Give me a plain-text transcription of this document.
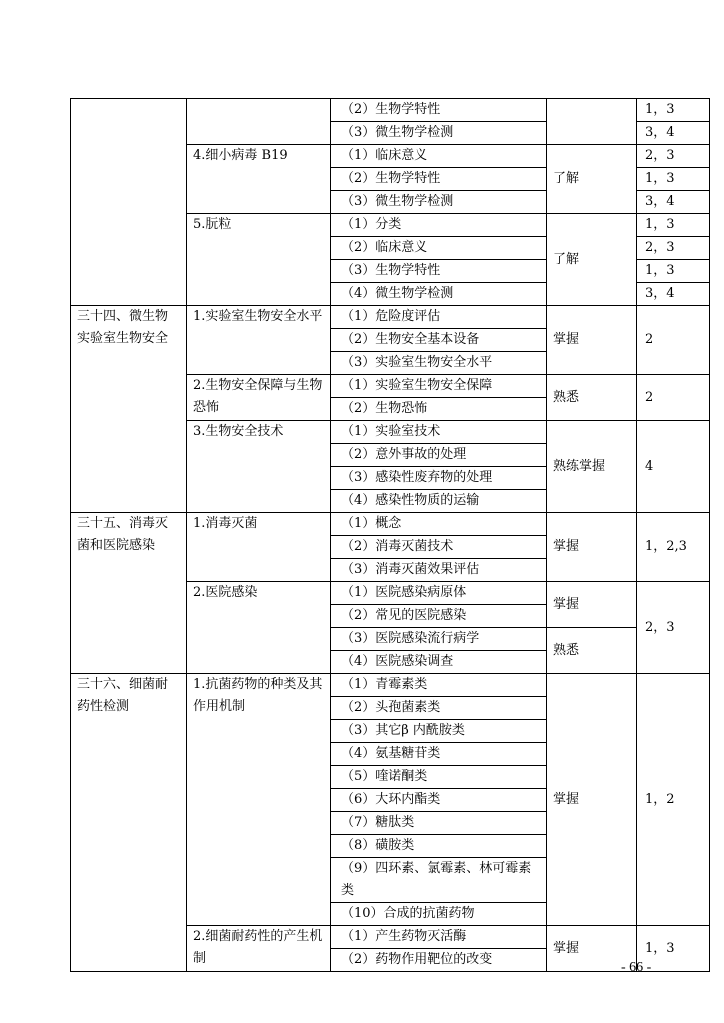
		（2）生物学特性		1，3
		（3）微生物学检测		3，4
	4.细小病毒 B19	（1）临床意义	了解	2，3
		（2）生物学特性		1，3
		（3）微生物学检测		3，4
	5.朊粒	（1）分类	了解	1，3
		（2）临床意义		2，3
		（3）生物学特性		1，3
		（4）微生物学检测		3，4
三十四、微生物实验室生物安全	1.实验室生物安全水平	（1）危险度评估	掌握	2
		（2）生物安全基本设备		
		（3）实验室生物安全水平		
	2.生物安全保障与生物恐怖	（1）实验室生物安全保障	熟悉	2
		（2）生物恐怖		
	3.生物安全技术	（1）实验室技术	熟练掌握	4
		（2）意外事故的处理		
		（3）感染性废弃物的处理		
		（4）感染性物质的运输		
三十五、消毒灭菌和医院感染	1.消毒灭菌	（1）概念	掌握	1，2,3
		（2）消毒灭菌技术		
		（3）消毒灭菌效果评估		
	2.医院感染	（1）医院感染病原体	掌握	2，3
		（2）常见的医院感染		
		（3）医院感染流行病学	熟悉	
		（4）医院感染调查		
三十六、细菌耐药性检测	1.抗菌药物的种类及其作用机制	（1）青霉素类	掌握	1，2
		（2）头孢菌素类		
		（3）其它β 内酰胺类		
		（4）氨基糖苷类		
		（5）喹诺酮类		
		（6）大环内酯类		
		（7）糖肽类		
		（8）磺胺类		
		（9）四环素、氯霉素、林可霉素类		
		（10）合成的抗菌药物		
	2.细菌耐药性的产生机制	（1）产生药物灭活酶	掌握	1，3
		（2）药物作用靶位的改变		
- 66 -
